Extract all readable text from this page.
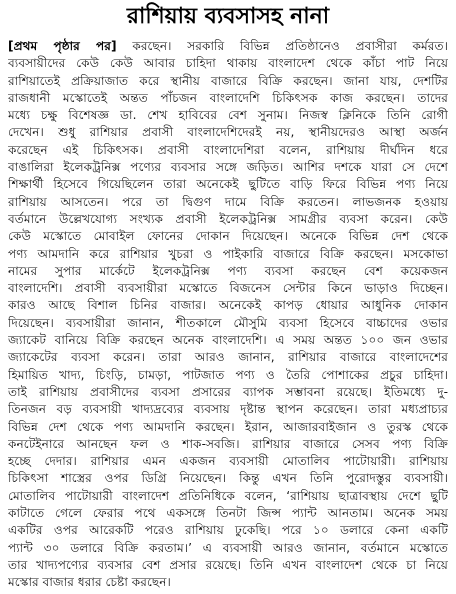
রাশিয়ায় ব্যবসাসহ নানা
[প্রথম পৃষ্ঠার পর] করছেন। সরকারি বিভিন্ন প্রতিষ্ঠানেও প্রবাসীরা কর্মরত।
ব্যবসায়ীদের কেউ কেউ আবার চাহিদা থাকায় বাংলাদেশ থেকে কাঁচা পাট নিয়ে
রাশিয়াতেই প্রক্রিয়াজাত করে স্থানীয় বাজারে বিক্রি করছেন। জানা যায়, দেশটির
রাজধানী মস্কোতেই অন্তত পাঁচজন বাংলাদেশি চিকিৎসক কাজ করছেন। তাদের
মধ্যে চক্ষু বিশেষজ্ঞ ডা. শেখ হাবিবের বেশ সুনাম। নিজস্ব ক্লিনিকে তিনি রোগী
দেখেন। শুধু রাশিয়ার প্রবাসী বাংলাদেশিদেরই নয়, স্থানীয়দেরও আস্থা অর্জন
করেছেন এই চিকিৎসক। প্রবাসী বাংলাদেশিরা বলেন, রাশিয়ায় দীর্ঘদিন ধরে
বাঙালিরা ইলেকট্রনিক্স পণ্যের ব্যবসার সঙ্গে জড়িত। আশির দশকে যারা সে দেশে
শিক্ষার্থী হিসেবে গিয়েছিলেন তারা অনেকেই ছুটিতে বাড়ি ফিরে বিভিন্ন পণ্য নিয়ে
রাশিয়ায় আসতেন। পরে তা দ্বিগুণ দামে বিক্রি করতেন। লাভজনক হওয়ায়
বর্তমানে উল্লেখযোগ্য সংখ্যক প্রবাসী ইলেকট্রনিক্স সামগ্রীর ব্যবসা করেন। কেউ
কেউ মস্কোতে মোবাইল ফোনের দোকান দিয়েছেন। অনেকে বিভিন্ন দেশ থেকে
পণ্য আমদানি করে রাশিয়ার খুচরা ও পাইকারি বাজারে বিক্রি করছেন। মসকোভা
নামের সুপার মার্কেটে ইলেকট্রনিক্স পণ্য ব্যবসা করছেন বেশ কয়েকজন
বাংলাদেশি। প্রবাসী ব্যবসায়ীরা মস্কোতে বিজনেস সেন্টার কিনে ভাড়াও দিচ্ছেন।
কারও আছে বিশাল চিনির বাজার। অনেকেই কাপড় ধোয়ার আধুনিক দোকান
দিয়েছেন। ব্যবসায়ীরা জানান, শীতকালে মৌসুমি ব্যবসা হিসেবে বাচ্চাদের ওভার
জ্যাকেট বানিয়ে বিক্রি করছেন অনেক বাংলাদেশি। এ সময় অন্তত ১০০ জন ওভার
জ্যাকেটের ব্যবসা করেন। তারা আরও জানান, রাশিয়ার বাজারে বাংলাদেশের
হিমায়িত খাদ্য, চিংড়ি, চামড়া, পাটজাত পণ্য ও তৈরি পোশাকের প্রচুর চাহিদা।
তাই রাশিয়ায় প্রবাসীদের ব্যবসা প্রসারের ব্যাপক সম্ভাবনা রয়েছে। ইতিমধ্যে দু-
তিনজন বড় ব্যবসায়ী খাদ্যদ্রব্যের ব্যবসায় দৃষ্টান্ত স্থাপন করেছেন। তারা মধ্যপ্রাচ্যর
বিভিন্ন দেশ থেকে পণ্য আমদানি করছেন। ইরান, আজারবাইজান ও তুরস্ক থেকে
কনটেইনারে আনছেন ফল ও শাক-সবজি। রাশিয়ার বাজারে সেসব পণ্য বিক্রি
হচ্ছে দেদার। রাশিয়ার এমন একজন ব্যবসায়ী মোতালিব পাটোয়ারী। রাশিয়ায়
চিকিৎসা শাস্ত্রের ওপর ডিগ্রি নিয়েছেন। কিন্তু এখন তিনি পুরোদস্তুর ব্যবসায়ী।
মোতালিব পাটোয়ারী বাংলাদেশ প্রতিনিধিকে বলেন, ‘রাশিয়ায় ছাত্রাবস্থায় দেশে ছুটি
কাটাতে গেলে ফেরার পথে একসঙ্গে তিনটা জিন্স প্যান্ট আনতাম। অনেক সময়
একটির ওপর আরেকটি পরেও রাশিয়ায় ঢুকেছি। পরে ১০ ডলারে কেনা একটি
প্যান্ট ৩০ ডলারে বিক্রি করতাম।’ এ ব্যবসায়ী আরও জানান, বর্তমানে মস্কোতে
তার খাদ্যপণ্যের ব্যবসার বেশ প্রসার রয়েছে। তিনি এখন বাংলাদেশ থেকে চা নিয়ে
মস্কোর বাজার ধরার চেষ্টা করছেন।
